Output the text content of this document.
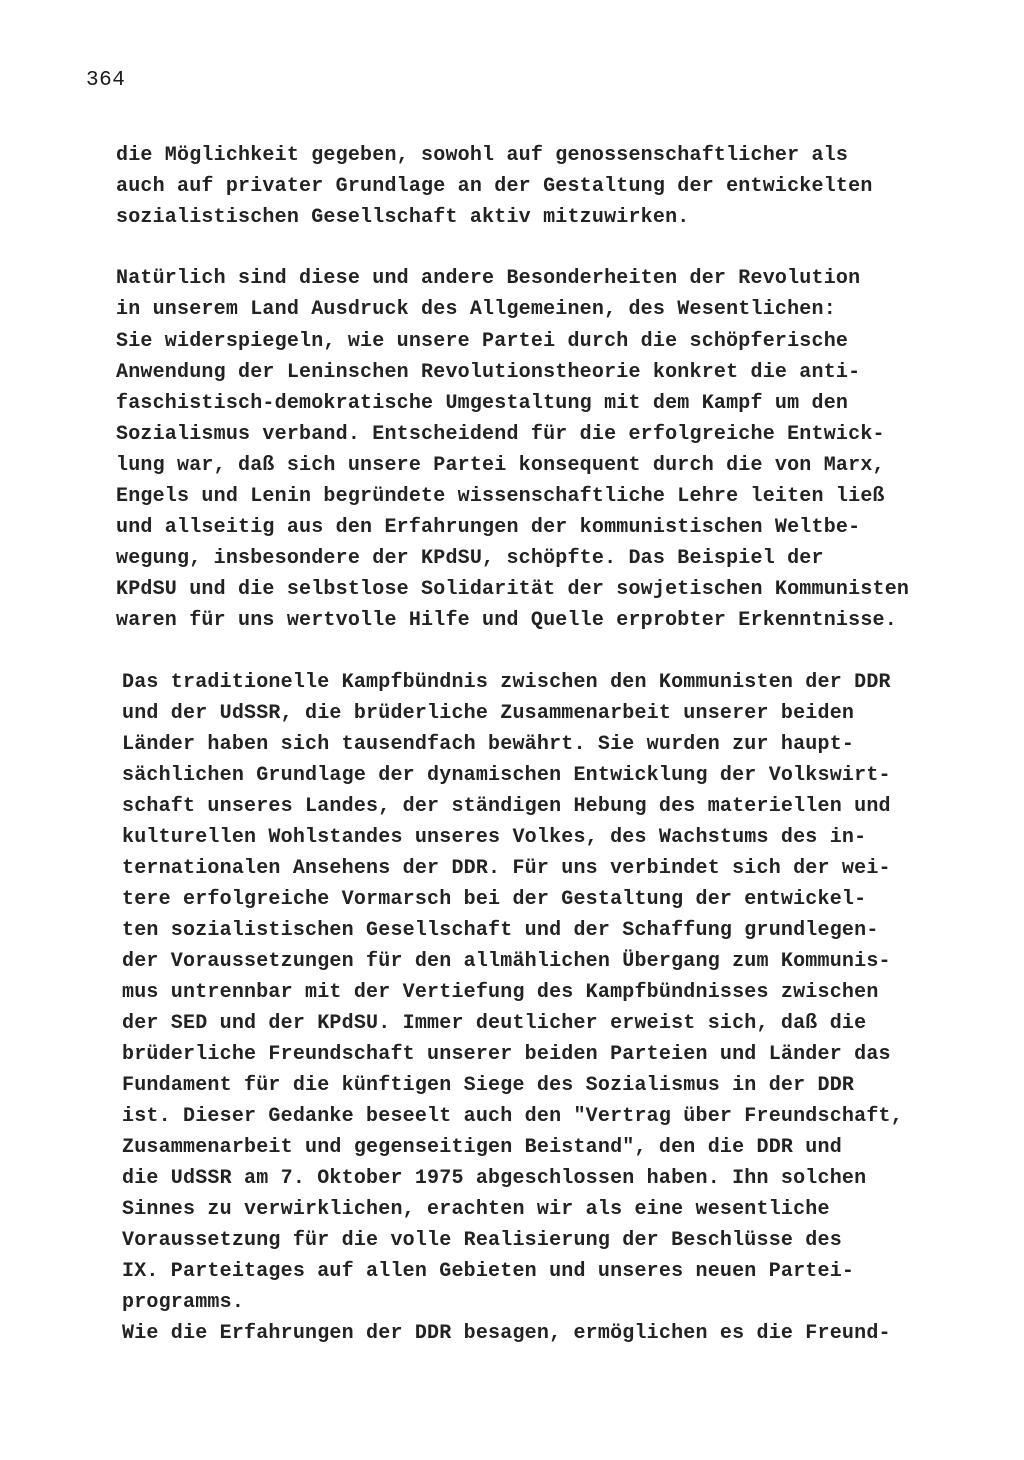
364
die Möglichkeit gegeben, sowohl auf genossenschaftlicher als
auch auf privater Grundlage an der Gestaltung der entwickelten
sozialistischen Gesellschaft aktiv mitzuwirken.
Natürlich sind diese und andere Besonderheiten der Revolution
in unserem Land Ausdruck des Allgemeinen, des Wesentlichen:
Sie widerspiegeln, wie unsere Partei durch die schöpferische
Anwendung der Leninschen Revolutionstheorie konkret die anti-
faschistisch-demokratische Umgestaltung mit dem Kampf um den
Sozialismus verband. Entscheidend für die erfolgreiche Entwick-
lung war, daß sich unsere Partei konsequent durch die von Marx,
Engels und Lenin begründete wissenschaftliche Lehre leiten ließ
und allseitig aus den Erfahrungen der kommunistischen Weltbe-
wegung, insbesondere der KPdSU, schöpfte. Das Beispiel der
KPdSU und die selbstlose Solidarität der sowjetischen Kommunisten
waren für uns wertvolle Hilfe und Quelle erprobter Erkenntnisse.
Das traditionelle Kampfbündnis zwischen den Kommunisten der DDR
und der UdSSR, die brüderliche Zusammenarbeit unserer beiden
Länder haben sich tausendfach bewährt. Sie wurden zur haupt-
sächlichen Grundlage der dynamischen Entwicklung der Volkswirt-
schaft unseres Landes, der ständigen Hebung des materiellen und
kulturellen Wohlstandes unseres Volkes, des Wachstums des in-
ternationalen Ansehens der DDR. Für uns verbindet sich der wei-
tere erfolgreiche Vormarsch bei der Gestaltung der entwickel-
ten sozialistischen Gesellschaft und der Schaffung grundlegen-
der Voraussetzungen für den allmählichen Übergang zum Kommunis-
mus untrennbar mit der Vertiefung des Kampfbündnisses zwischen
der SED und der KPdSU. Immer deutlicher erweist sich, daß die
brüderliche Freundschaft unserer beiden Parteien und Länder das
Fundament für die künftigen Siege des Sozialismus in der DDR
ist. Dieser Gedanke beseelt auch den "Vertrag über Freundschaft,
Zusammenarbeit und gegenseitigen Beistand", den die DDR und
die UdSSR am 7. Oktober 1975 abgeschlossen haben. Ihn solchen
Sinnes zu verwirklichen, erachten wir als eine wesentliche
Voraussetzung für die volle Realisierung der Beschlüsse des
IX. Parteitages auf allen Gebieten und unseres neuen Partei-
programms.
Wie die Erfahrungen der DDR besagen, ermöglichen es die Freund-
